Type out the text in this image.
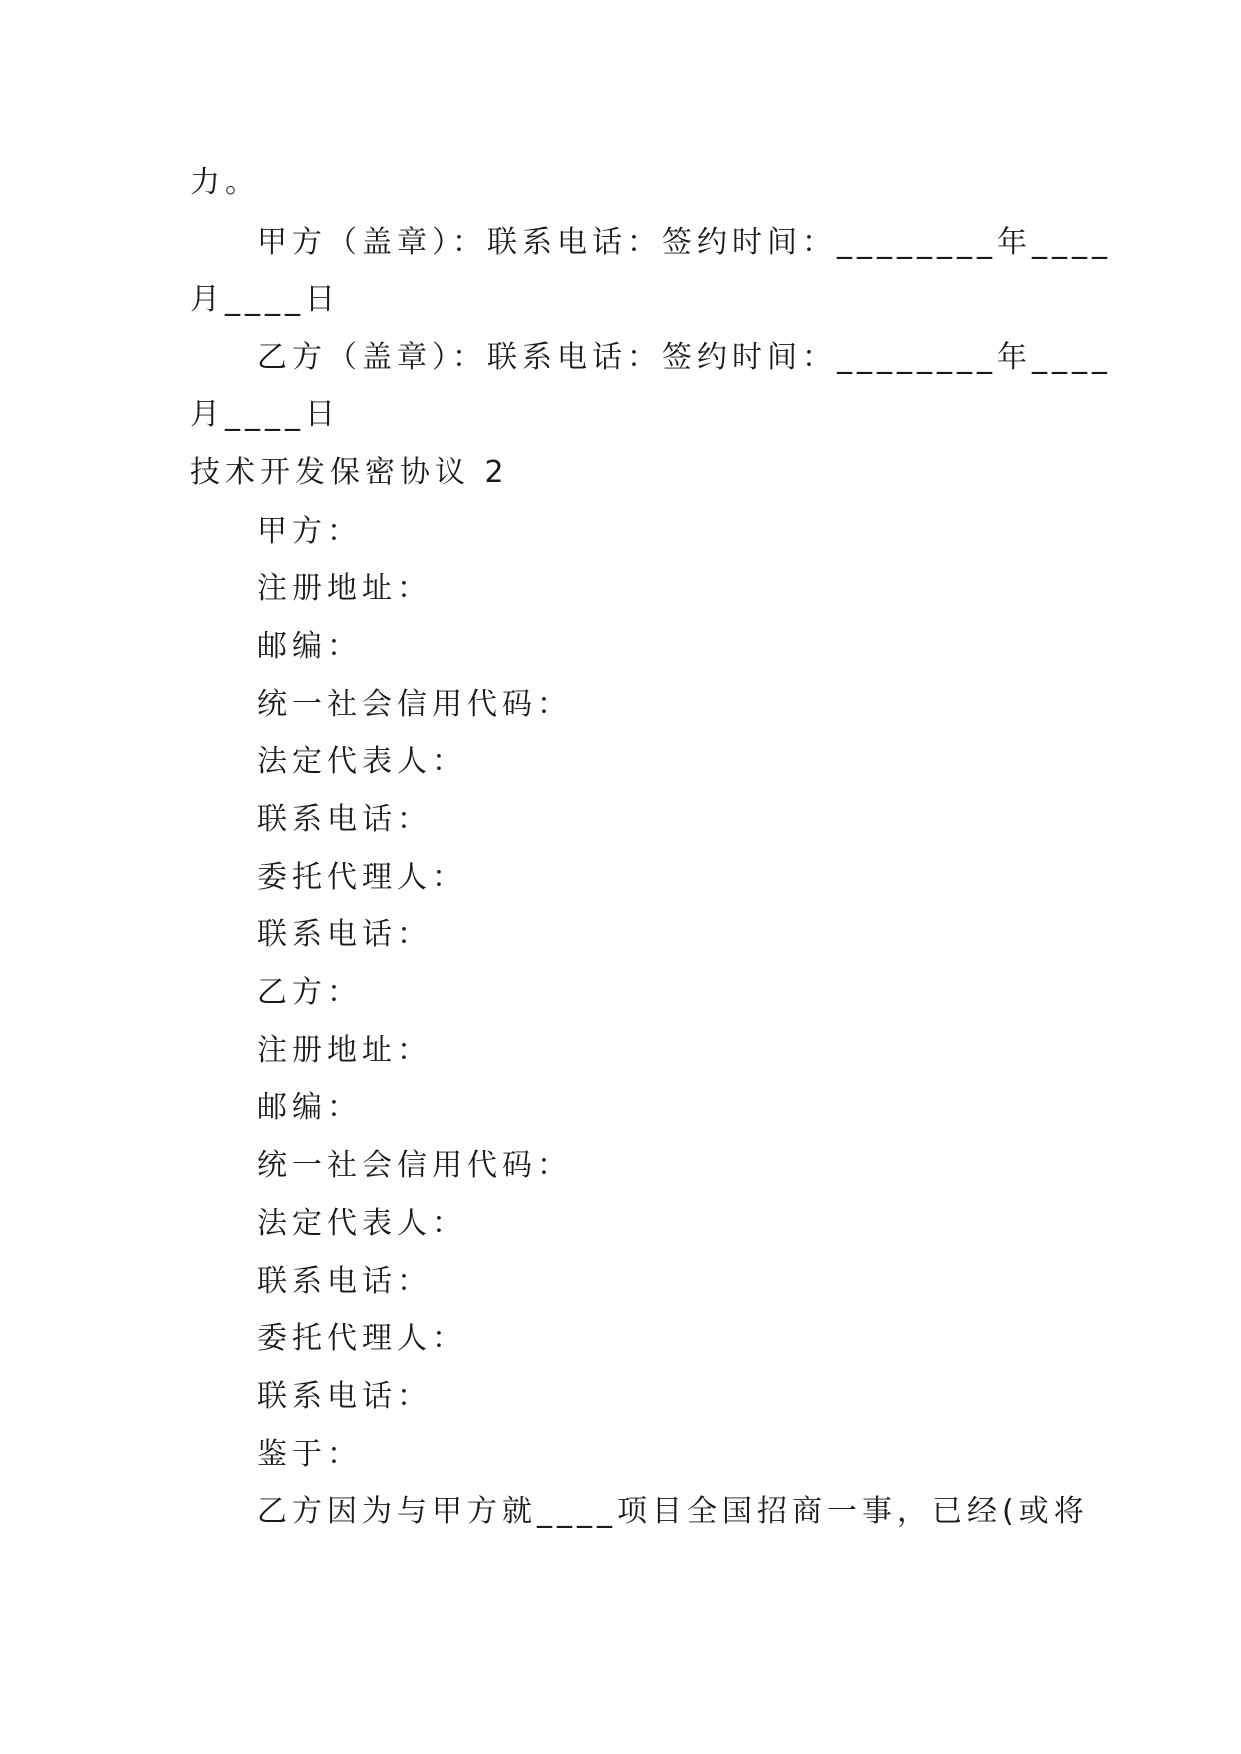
力。
甲方（盖章）：联系电话：签约时间：________年____
月____日
乙方（盖章）：联系电话：签约时间：________年____
月____日
技术开发保密协议 2
甲方：
注册地址：
邮编：
统一社会信用代码：
法定代表人：
联系电话：
委托代理人：
联系电话：
乙方：
注册地址：
邮编：
统一社会信用代码：
法定代表人：
联系电话：
委托代理人：
联系电话：
鉴于：
乙方因为与甲方就____项目全国招商一事，已经(或将
